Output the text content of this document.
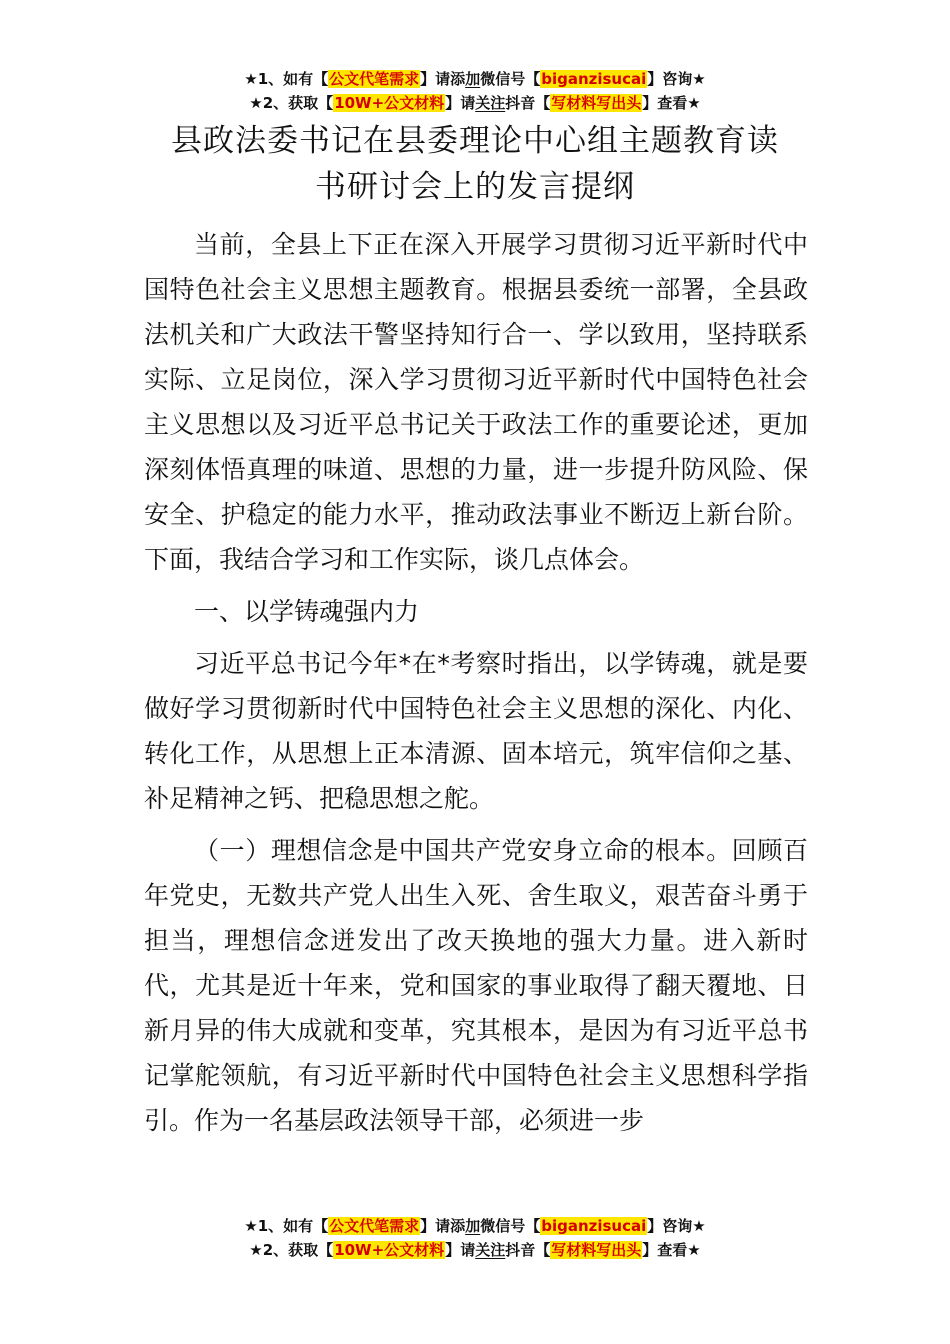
★1、如有【公文代笔需求】请添加微信号【biganzisucai】咨询★
★2、获取【10W+公文材料】请关注抖音【写材料写出头】查看★
县政法委书记在县委理论中心组主题教育读
书研讨会上的发言提纲

当前，全县上下正在深入开展学习贯彻习近平新时代中国特色社会主义思想主题教育。根据县委统一部署，全县政法机关和广大政法干警坚持知行合一、学以致用，坚持联系实际、立足岗位，深入学习贯彻习近平新时代中国特色社会主义思想以及习近平总书记关于政法工作的重要论述，更加深刻体悟真理的味道、思想的力量，进一步提升防风险、保安全、护稳定的能力水平，推动政法事业不断迈上新台阶。下面，我结合学习和工作实际，谈几点体会。

一、以学铸魂强内力

习近平总书记今年*在*考察时指出，以学铸魂，就是要做好学习贯彻新时代中国特色社会主义思想的深化、内化、转化工作，从思想上正本清源、固本培元，筑牢信仰之基、补足精神之钙、把稳思想之舵。

（一）理想信念是中国共产党安身立命的根本。回顾百年党史，无数共产党人出生入死、舍生取义，艰苦奋斗勇于担当，理想信念迸发出了改天换地的强大力量。进入新时代，尤其是近十年来，党和国家的事业取得了翻天覆地、日新月异的伟大成就和变革，究其根本，是因为有习近平总书记掌舵领航，有习近平新时代中国特色社会主义思想科学指引。作为一名基层政法领导干部，必须进一步

★1、如有【公文代笔需求】请添加微信号【biganzisucai】咨询★
★2、获取【10W+公文材料】请关注抖音【写材料写出头】查看★
